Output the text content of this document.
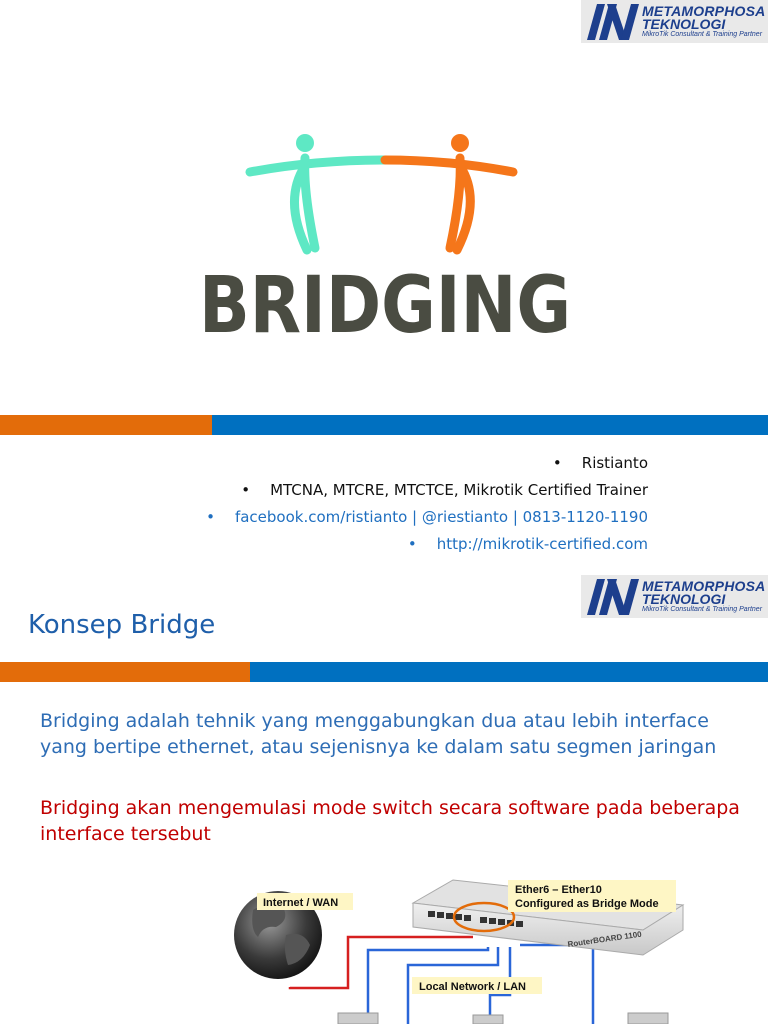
METAMORPHOSA
TEKNOLOGI
MikroTik Consultant & Training Partner
BRIDGING
• Ristianto
• MTCNA, MTCRE, MTCTCE, Mikrotik Certified Trainer
• facebook.com/ristianto | @riestianto | 0813-1120-1190
• http://mikrotik-certified.com
METAMORPHOSA
TEKNOLOGI
MikroTik Consultant & Training Partner
Konsep Bridge
Bridging adalah tehnik yang menggabungkan dua atau lebih interface yang bertipe ethernet, atau sejenisnya ke dalam satu segmen jaringan
Bridging akan mengemulasi mode switch secara software pada beberapa interface tersebut
Internet / WAN
RouterBOARD 1100
Ether6 – Ether10
Configured as Bridge Mode
Local Network / LAN
